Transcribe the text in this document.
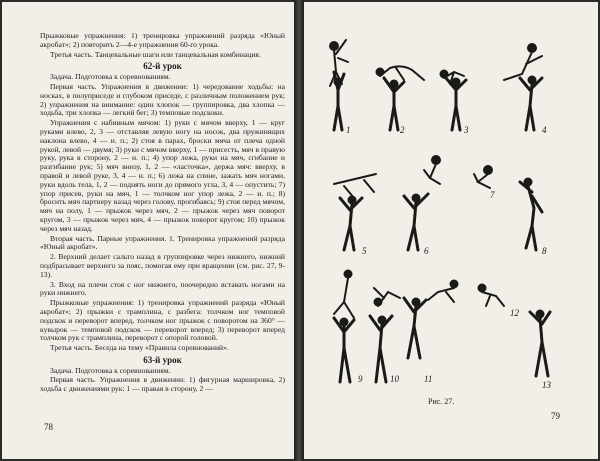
Прыжковые упражнения: 1) тренировка упражнений разряда «Юный акробат»; 2) повторить 2—4-е упражнения 60-го урока.

Третья часть. Танцевальные шаги или танцевальная комбинация.

62-й урок

Задача. Подготовка к соревнованиям.

Первая часть. Упражнения в движении: 1) чередование ходьбы: на носках, в полуприседе и глубоком приседе, с различным положением рук; 2) упражнения на внимание: один хлопок — группировка, два хлопка — ходьба, три хлопка — легкий бег; 3) темповые подскоки.

Упражнения с набивным мячом: 1) руки с мячом вверху, 1 — круг руками влево, 2, 3 — отставляя левую ногу на носок, два пружинящих наклона влево, 4 — и. п.; 2) стоя в парах, броски мяча от плеча одной рукой, левой — двумя; 3) руки с мячом вверху, 1 — присесть, мяч в правую руку, рука в сторону, 2 — и. п.; 4) упор лежа, руки на мяч, сгибание и разгибание рук; 5) мяч внизу, 1, 2 — «ласточка», держа мяч: вверху, в правой и левой руке, 3, 4 — и. п.; 6) лежа на спине, зажать мяч ногами, руки вдоль тела, 1, 2 — поднять ноги до прямого угла, 3, 4 — опустить; 7) упор присев, руки на мяч, 1 — толчком ног упор лежа, 2 — и. п.; 8) бросить мяч партнеру назад через голову, прогибаясь; 9) стоя перед мячом, мяч на полу, 1 — прыжок через мяч, 2 — прыжок через мяч поворот кругом, 3 — прыжок через мяч, 4 — прыжок поворот кругом; 10) прыжок через мяч назад.

Вторая часть. Парные упражнения. 1. Тренировка упражнений разряда «Юный акробат».

2. Верхний делает сальто назад в группировке через нижнего, нижний подбрасывает верхнего за пояс, помогая ему при вращении (см. рис. 27, 9-13).

3. Вход на плечи стоя с ног нижнего, поочередно вставать ногами на руки нижнего.

Прыжковые упражнения: 1) тренировка упражнений разряда «Юный акробат»; 2) прыжки с трамплина, с разбега: толчком ног темповой подскок и переворот вперед, толчком ног прыжок с поворотом на 360° — кувырок — темповой подскок — переворот вперед; 3) переворот вперед толчком рук с трамплина, переворот с опорой головой.

Третья часть. Беседа на тему «Правила соревнований».

63-й урок

Задача. Подготовка к соревнованиям.

Первая часть. Упражнения в движении: 1) фигурная маршировка, 2) ходьба с движениями рук: 1 — правая в сторону, 2 —

78
1	2	3	4
5	6
7
8
9	10	11
12
13
Рис. 27.
79
